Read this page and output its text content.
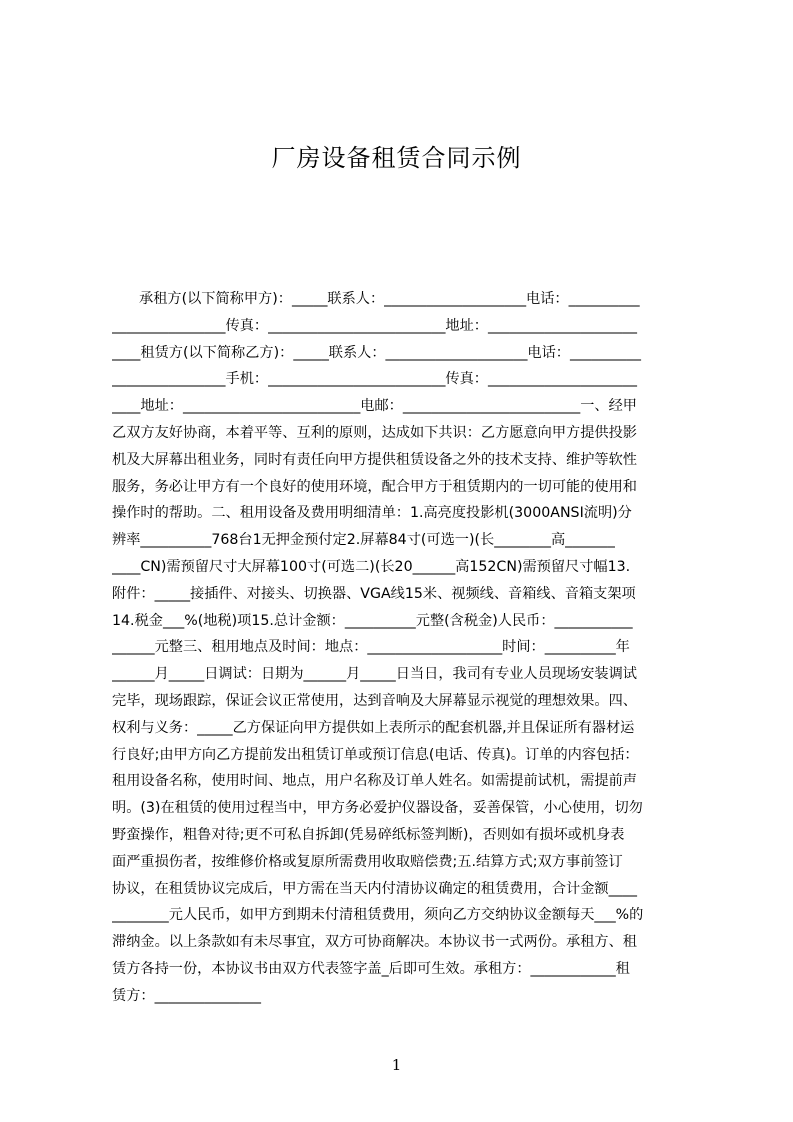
厂房设备租赁合同示例
承租方(以下简称甲方)：_____联系人：____________________电话：__________
________________传真：_________________________地址：_____________________
____租赁方(以下简称乙方)：_____联系人：____________________电话：__________
________________手机：_________________________传真：_____________________
____地址：_________________________电邮：_________________________一、经甲
乙双方友好协商，本着平等、互利的原则，达成如下共识：乙方愿意向甲方提供投影
机及大屏幕出租业务，同时有责任向甲方提供租赁设备之外的技术支持、维护等软性
服务，务必让甲方有一个良好的使用环境，配合甲方于租赁期内的一切可能的使用和
操作时的帮助。二、租用设备及费用明细清单：1.高亮度投影机(3000ANSI流明)分
辨率__________768台1无押金预付定2.屏幕84寸(可选一)(长________高_______
____CN)需预留尺寸大屏幕100寸(可选二)(长20______高152CN)需预留尺寸幅13.
附件：_____接插件、对接头、切换器、VGA线15米、视频线、音箱线、音箱支架项
14.税金___%(地税)项15.总计金额：__________元整(含税金)人民币：___________
______元整三、租用地点及时间：地点：___________________时间：__________年
______月_____日调试：日期为______月_____日当日，我司有专业人员现场安装调试
完毕，现场跟踪，保证会议正常使用，达到音响及大屏幕显示视觉的理想效果。四、
权利与义务：_____乙方保证向甲方提供如上表所示的配套机器,并且保证所有器材运
行良好;由甲方向乙方提前发出租赁订单或预订信息(电话、传真)。订单的内容包括：
租用设备名称，使用时间、地点，用户名称及订单人姓名。如需提前试机，需提前声
明。(3)在租赁的使用过程当中，甲方务必爱护仪器设备，妥善保管，小心使用，切勿
野蛮操作，粗鲁对待;更不可私自拆卸(凭易碎纸标签判断)，否则如有损坏或机身表
面严重损伤者，按维修价格或复原所需费用收取赔偿费;五.结算方式;双方事前签订
协议，在租赁协议完成后，甲方需在当天内付清协议确定的租赁费用，合计金额____
________元人民币，如甲方到期未付清租赁费用，须向乙方交纳协议金额每天___%的
滞纳金。以上条款如有未尽事宜，双方可协商解决。本协议书一式两份。承租方、租
赁方各持一份，本协议书由双方代表签字盖_后即可生效。承租方：____________租
赁方：_______________
1
